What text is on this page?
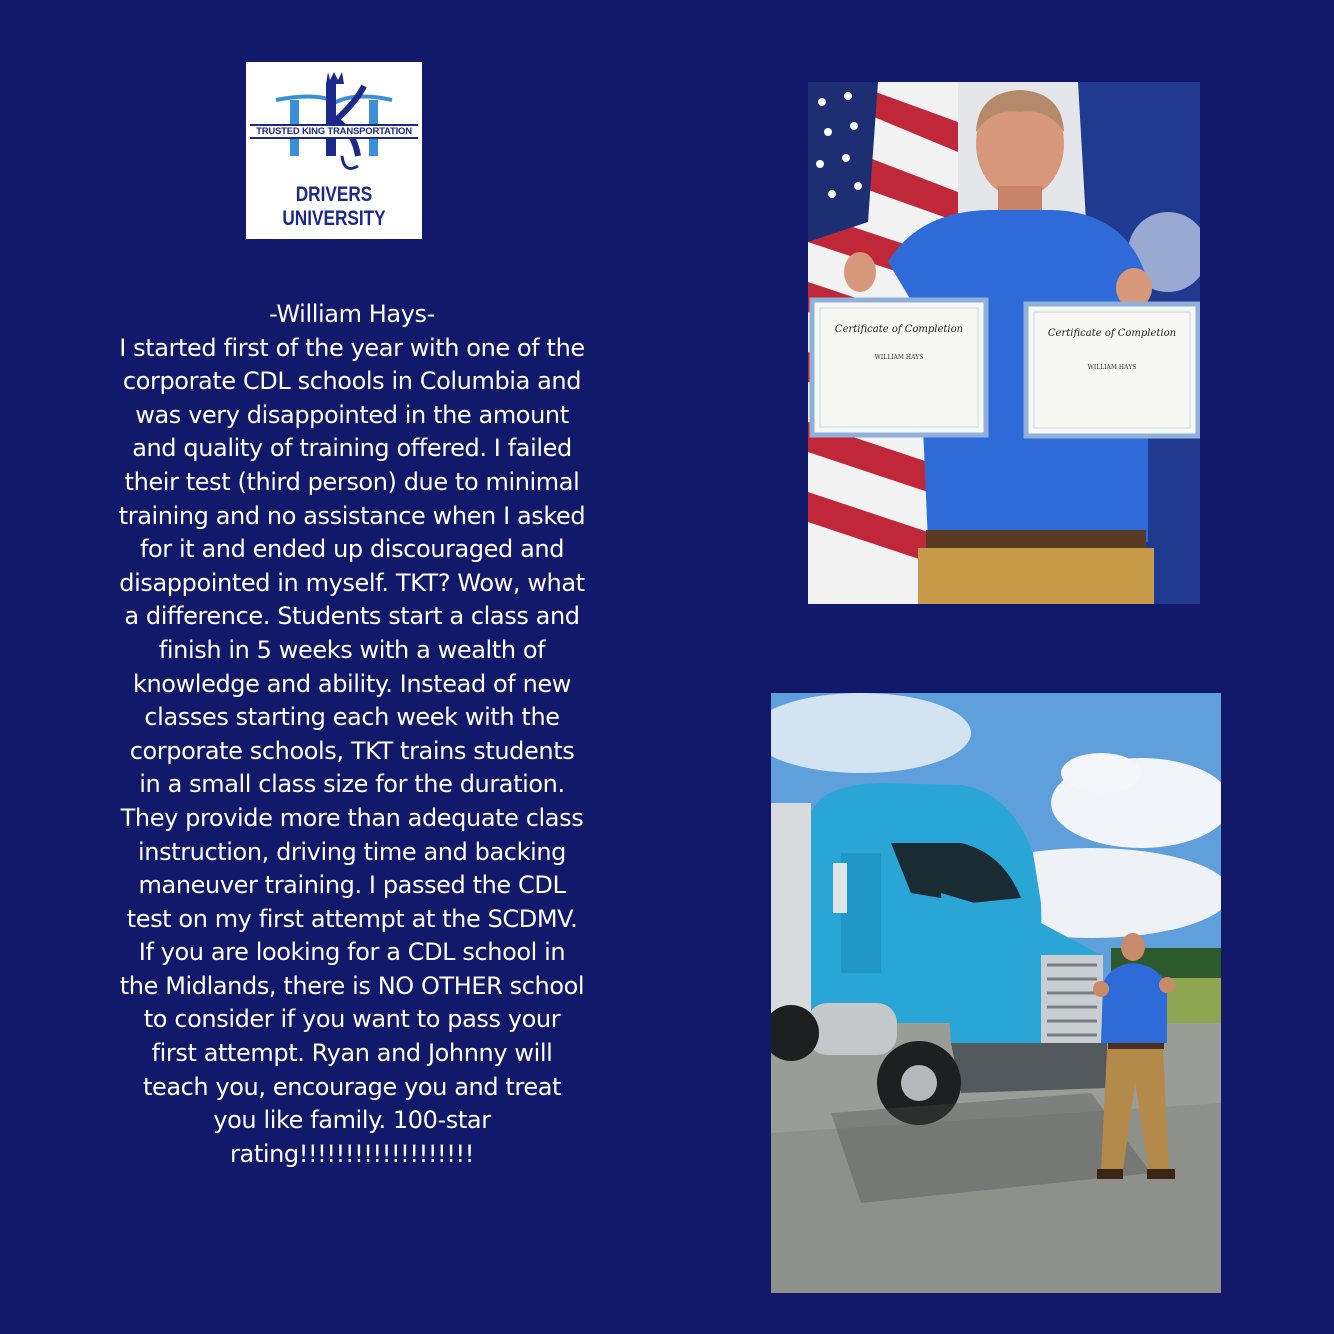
TRUSTED KING TRANSPORTATION
DRIVERS
UNIVERSITY

-William Hays-

I started first of the year with one of the corporate CDL schools in Columbia and was very disappointed in the amount and quality of training offered. I failed their test (third person) due to minimal training and no assistance when I asked for it and ended up discouraged and disappointed in myself. TKT? Wow, what a difference. Students start a class and finish in 5 weeks with a wealth of knowledge and ability. Instead of new classes starting each week with the corporate schools, TKT trains students in a small class size for the duration. They provide more than adequate class instruction, driving time and backing maneuver training. I passed the CDL test on my first attempt at the SCDMV. If you are looking for a CDL school in the Midlands, there is NO OTHER school to consider if you want to pass your first attempt. Ryan and Johnny will teach you, encourage you and treat you like family. 100-star rating!!!!!!!!!!!!!!!!!!!

Certificate of Completion
WILLIAM HAYS
Certificate of Completion
WILLIAM HAYS
